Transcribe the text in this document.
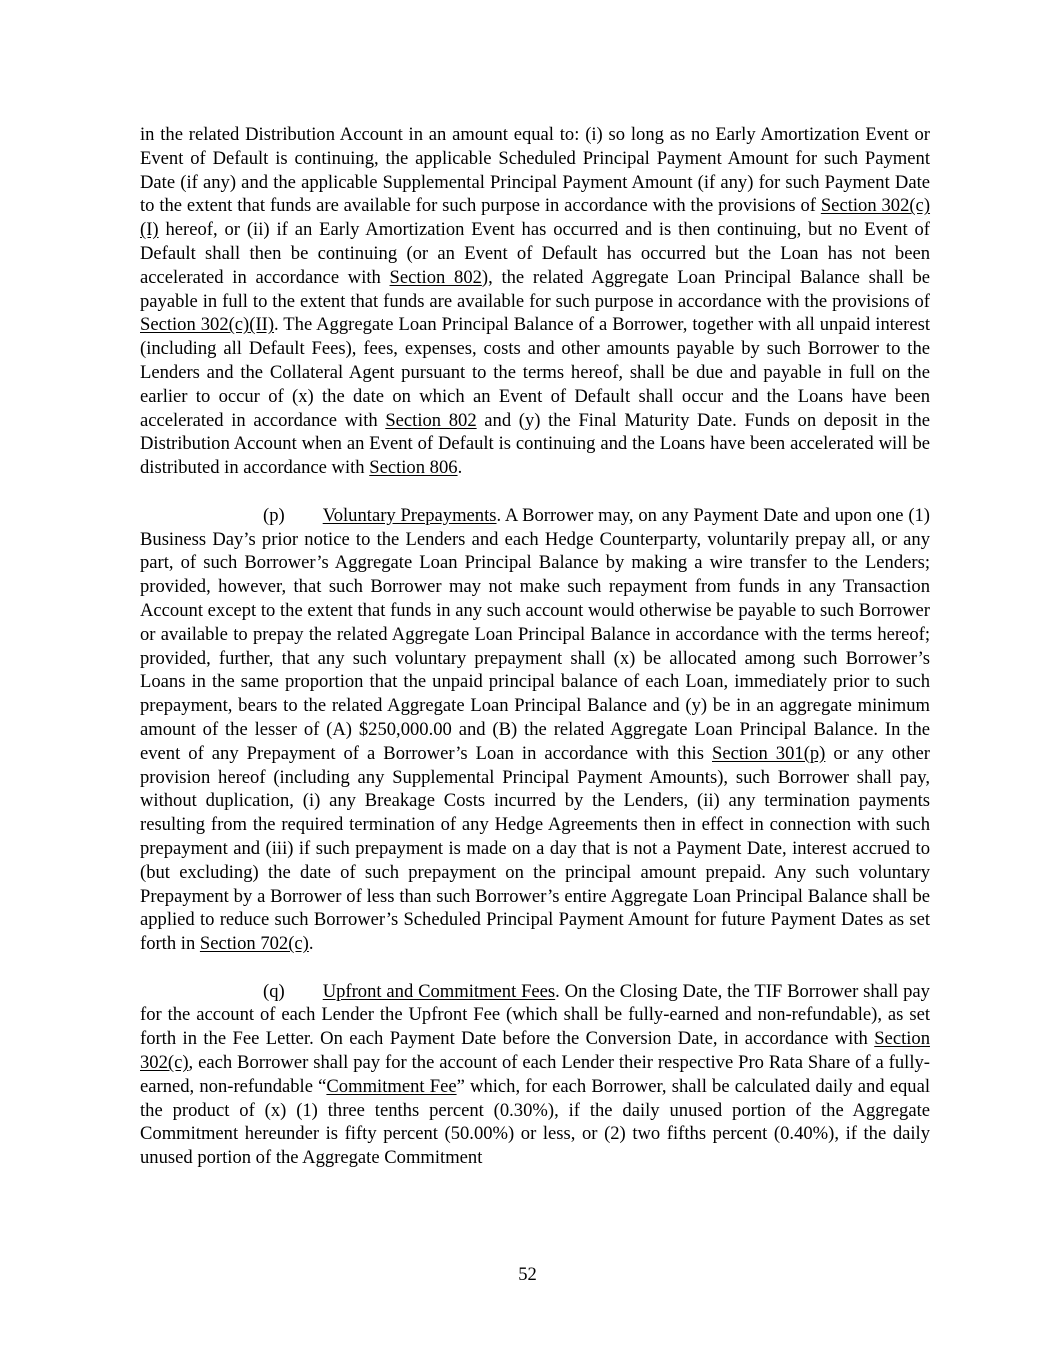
in the related Distribution Account in an amount equal to: (i) so long as no Early Amortization Event or Event of Default is continuing, the applicable Scheduled Principal Payment Amount for such Payment Date (if any) and the applicable Supplemental Principal Payment Amount (if any) for such Payment Date to the extent that funds are available for such purpose in accordance with the provisions of Section 302(c)(I) hereof, or (ii) if an Early Amortization Event has occurred and is then continuing, but no Event of Default shall then be continuing (or an Event of Default has occurred but the Loan has not been accelerated in accordance with Section 802), the related Aggregate Loan Principal Balance shall be payable in full to the extent that funds are available for such purpose in accordance with the provisions of Section 302(c)(II). The Aggregate Loan Principal Balance of a Borrower, together with all unpaid interest (including all Default Fees), fees, expenses, costs and other amounts payable by such Borrower to the Lenders and the Collateral Agent pursuant to the terms hereof, shall be due and payable in full on the earlier to occur of (x) the date on which an Event of Default shall occur and the Loans have been accelerated in accordance with Section 802 and (y) the Final Maturity Date. Funds on deposit in the Distribution Account when an Event of Default is continuing and the Loans have been accelerated will be distributed in accordance with Section 806.

(p) Voluntary Prepayments. A Borrower may, on any Payment Date and upon one (1) Business Day’s prior notice to the Lenders and each Hedge Counterparty, voluntarily prepay all, or any part, of such Borrower’s Aggregate Loan Principal Balance by making a wire transfer to the Lenders; provided, however, that such Borrower may not make such repayment from funds in any Transaction Account except to the extent that funds in any such account would otherwise be payable to such Borrower or available to prepay the related Aggregate Loan Principal Balance in accordance with the terms hereof; provided, further, that any such voluntary prepayment shall (x) be allocated among such Borrower’s Loans in the same proportion that the unpaid principal balance of each Loan, immediately prior to such prepayment, bears to the related Aggregate Loan Principal Balance and (y) be in an aggregate minimum amount of the lesser of (A) $250,000.00 and (B) the related Aggregate Loan Principal Balance. In the event of any Prepayment of a Borrower’s Loan in accordance with this Section 301(p) or any other provision hereof (including any Supplemental Principal Payment Amounts), such Borrower shall pay, without duplication, (i) any Breakage Costs incurred by the Lenders, (ii) any termination payments resulting from the required termination of any Hedge Agreements then in effect in connection with such prepayment and (iii) if such prepayment is made on a day that is not a Payment Date, interest accrued to (but excluding) the date of such prepayment on the principal amount prepaid. Any such voluntary Prepayment by a Borrower of less than such Borrower’s entire Aggregate Loan Principal Balance shall be applied to reduce such Borrower’s Scheduled Principal Payment Amount for future Payment Dates as set forth in Section 702(c).

(q) Upfront and Commitment Fees. On the Closing Date, the TIF Borrower shall pay for the account of each Lender the Upfront Fee (which shall be fully-earned and non-refundable), as set forth in the Fee Letter. On each Payment Date before the Conversion Date, in accordance with Section 302(c), each Borrower shall pay for the account of each Lender their respective Pro Rata Share of a fully-earned, non-refundable “Commitment Fee” which, for each Borrower, shall be calculated daily and equal the product of (x) (1) three tenths percent (0.30%), if the daily unused portion of the Aggregate Commitment hereunder is fifty percent (50.00%) or less, or (2) two fifths percent (0.40%), if the daily unused portion of the Aggregate Commitment

52
